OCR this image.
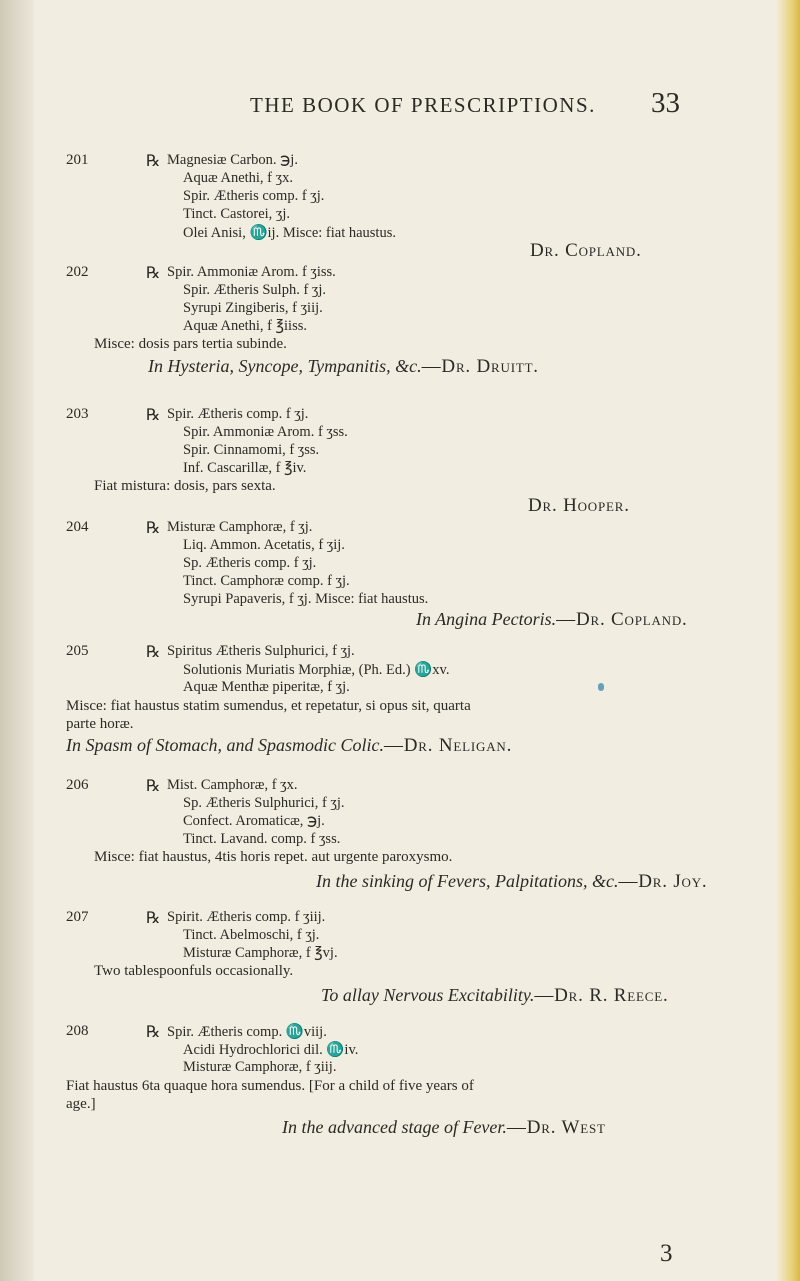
THE BOOK OF PRESCRIPTIONS. 33
201	℞ Magnesiæ Carbon. ℈j.
Aquæ Anethi, f ʒx.
Spir. Ætheris comp. f ʒj.
Tinct. Castorei, ʒj.
Olei Anisi, ♏ij. Misce: fiat haustus.
Dr. Copland.
202	℞ Spir. Ammoniæ Arom. f ʒiss.
Spir. Ætheris Sulph. f ʒj.
Syrupi Zingiberis, f ʒiij.
Aquæ Anethi, f ℥iiss.
Misce: dosis pars tertia subinde.
In Hysteria, Syncope, Tympanitis, &c.—Dr. Druitt.
203	℞ Spir. Ætheris comp. f ʒj.
Spir. Ammoniæ Arom. f ʒss.
Spir. Cinnamomi, f ʒss.
Inf. Cascarillæ, f ℥iv.
Fiat mistura: dosis, pars sexta.
Dr. Hooper.
204	℞ Misturæ Camphoræ, f ʒj.
Liq. Ammon. Acetatis, f ʒij.
Sp. Ætheris comp. f ʒj.
Tinct. Camphoræ comp. f ʒj.
Syrupi Papaveris, f ʒj. Misce: fiat haustus.
In Angina Pectoris.—Dr. Copland.
205	℞ Spiritus Ætheris Sulphurici, f ʒj.
Solutionis Muriatis Morphiæ, (Ph. Ed.) ♏xv.
Aquæ Menthæ piperitæ, f ʒj.
Misce: fiat haustus statim sumendus, et repetatur, si opus sit, quarta
parte horæ.
In Spasm of Stomach, and Spasmodic Colic.—Dr. Neligan.
206	℞ Mist. Camphoræ, f ʒx.
Sp. Ætheris Sulphurici, f ʒj.
Confect. Aromaticæ, ℈j.
Tinct. Lavand. comp. f ʒss.
Misce: fiat haustus, 4tis horis repet. aut urgente paroxysmo.
In the sinking of Fevers, Palpitations, &c.—Dr. Joy.
207	℞ Spirit. Ætheris comp. f ʒiij.
Tinct. Abelmoschi, f ʒj.
Misturæ Camphoræ, f ℥vj.
Two tablespoonfuls occasionally.
To allay Nervous Excitability.—Dr. R. Reece.
208	℞ Spir. Ætheris comp. ♏viij.
Acidi Hydrochlorici dil. ♏iv.
Misturæ Camphoræ, f ʒiij.
Fiat haustus 6ta quaque hora sumendus. [For a child of five years of
age.]
In the advanced stage of Fever.—Dr. West
3
